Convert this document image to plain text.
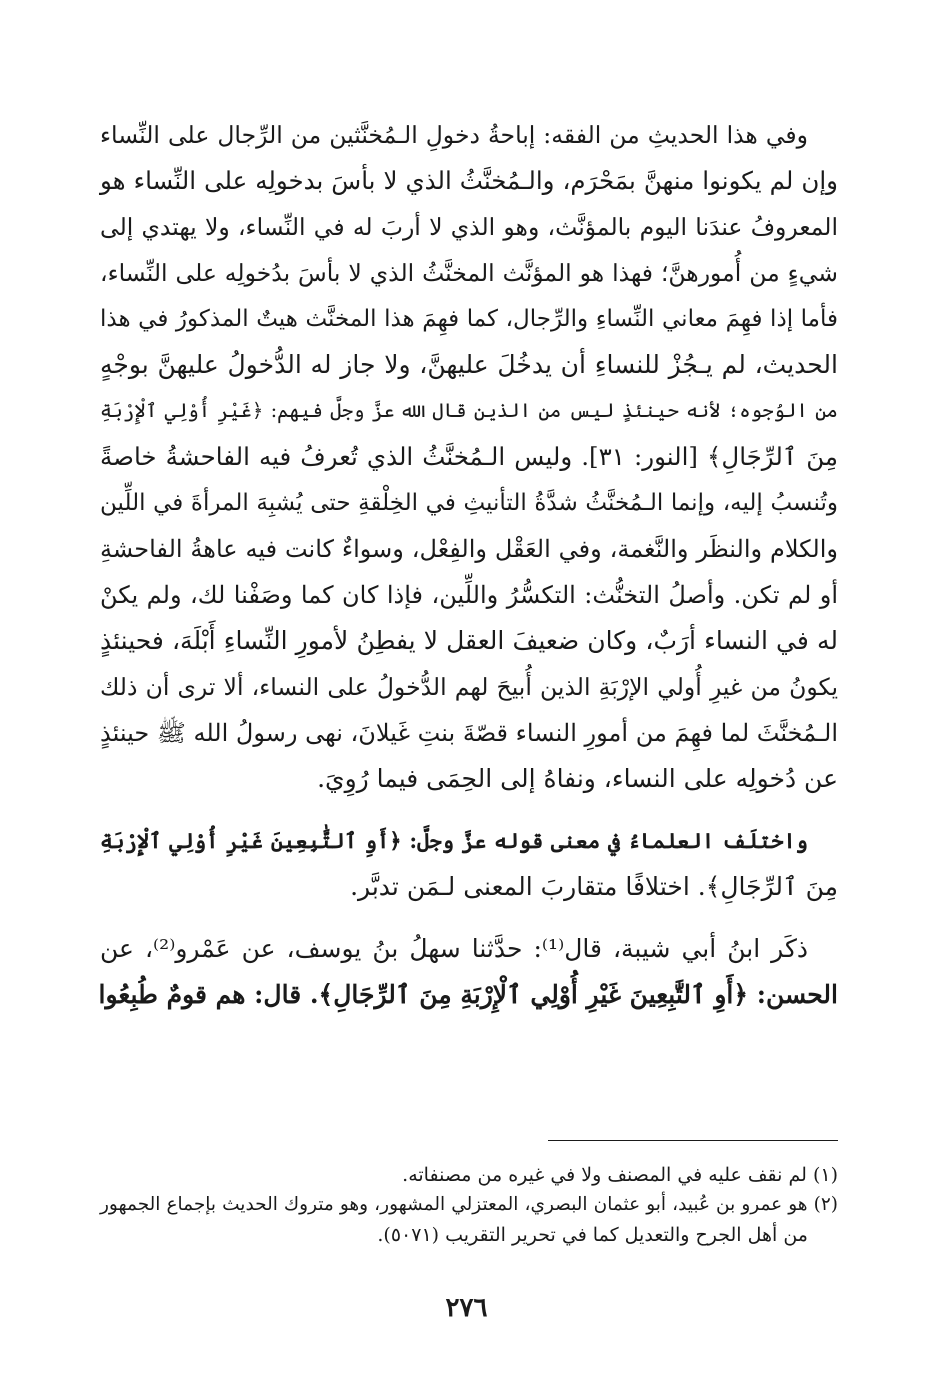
وفي هذا الحديثِ من الفقه: إباحةُ دخولِ الـمُخنَّثين من الرِّجال على النِّساء
وإن لم يكونوا منهنَّ بمَحْرَم، والـمُخنَّثُ الذي لا بأسَ بدخولِه على النِّساء هو
المعروفُ عندَنا اليوم بالمؤنَّث، وهو الذي لا أربَ له في النِّساء، ولا يهتدي إلى
شيءٍ من أُمورهنَّ؛ فهذا هو المؤنَّث المخنَّثُ الذي لا بأسَ بدُخولِه على النِّساء،
فأما إذا فهِمَ معاني النِّساءِ والرِّجال، كما فهِمَ هذا المخنَّث هيتٌ المذكورُ في هذا
الحديث، لم يـجُزْ للنساءِ أن يدخُلَ عليهنَّ، ولا جاز له الدُّخولُ عليهنَّ بوجْهٍ
من الوُجوه؛ لأنه حينئذٍ ليس من الذين قال الله عزَّ وجلَّ فيهم: ﴿غَيْرِ أُوْلِي ٱلْإِرْبَةِ
مِنَ ٱلرِّجَالِ﴾ [النور: ٣١]. وليس الـمُخنَّثُ الذي تُعرفُ فيه الفاحشةُ خاصةً
وتُنسبُ إليه، وإنما الـمُخنَّثُ شدَّةُ التأنيثِ في الخِلْقةِ حتى يُشبِهَ المرأةَ في اللِّين
والكلام والنظَر والنَّغمة، وفي العَقْل والفِعْل، وسواءٌ كانت فيه عاهةُ الفاحشةِ
أو لم تكن. وأصلُ التخنُّث: التكسُّرُ واللِّين، فإذا كان كما وصَفْنا لك، ولم يكنْ
له في النساء أرَبٌ، وكان ضعيفَ العقل لا يفطِنُ لأمورِ النِّساءِ أَبْلَهَ، فحينئذٍ
يكونُ من غيرِ أُولي الإرْبَةِ الذين أُبيحَ لهم الدُّخولُ على النساء، ألا ترى أن ذلك
الـمُخنَّثَ لما فهِمَ من أمورِ النساء قصّةَ بنتِ غَيلانَ، نهى رسولُ الله ﷺ حينئذٍ
عن دُخولِه على النساء، ونفاهُ إلى الحِمَى فيما رُوِيَ.
واختلَف العلماءُ في معنى قوله عزَّ وجلَّ: ﴿أَوِ ٱلتَّٰبِعِينَ غَيْرِ أُوْلِي ٱلْإِرْبَةِ
مِنَ ٱلرِّجَالِ﴾. اختلافًا متقاربَ المعنى لـمَن تدبَّر.
ذكَر ابنُ أبي شيبة، قال⁽¹⁾: حدَّثنا سهلُ بنُ يوسف، عن عَمْرو⁽²⁾، عن
الحسن: ﴿أَوِ ٱلتَّٰبِعِينَ غَيْرِ أُوْلِي ٱلْإِرْبَةِ مِنَ ٱلرِّجَالِ﴾. قال: هم قومٌ طُبِعُوا
(١) لم نقف عليه في المصنف ولا في غيره من مصنفاته.
(٢) هو عمرو بن عُبيد، أبو عثمان البصري، المعتزلي المشهور، وهو متروك الحديث بإجماع الجمهور
من أهل الجرح والتعديل كما في تحرير التقريب (٥٠٧١).
٢٧٦
